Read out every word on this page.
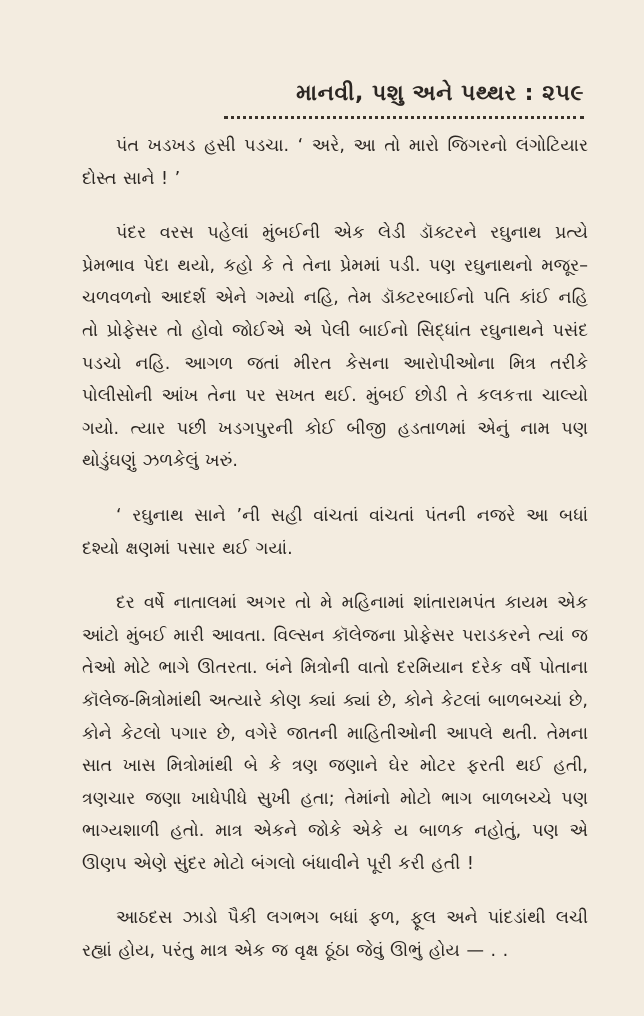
માનવી, પશુ અને પથ્થર : ૨૫૯

પંત ખડખડ હસી પડચા. ‘ અરે, આ તો મારો જિગરનો લંગોટિયાર દોસ્ત સાને ! ’

પંદર વરસ પહેલાં મુંબઈની એક લેડી ડૉક્ટરને રઘુનાથ પ્રત્યે પ્રેમભાવ પેદા થયો, કહો કે તે તેના પ્રેમમાં પડી. પણ રઘુનાથનો મજૂર–ચળવળનો આદર્શ એને ગમ્યો નહિ, તેમ ડૉક્ટરબાઈનો પતિ કાંઈ નહિ તો પ્રોફેસર તો હોવો જોઈએ એ પેલી બાઈનો સિદ્ધાંત રઘુનાથને પસંદ પડચો નહિ. આગળ જતાં મીરત કેસના આરોપીઓના મિત્ર તરીકે પોલીસોની આંખ તેના પર સખત થઈ. મુંબઈ છોડી તે કલકત્તા ચાલ્યો ગયો. ત્યાર પછી ખડગપુરની કોઈ બીજી હડતાળમાં એનું નામ પણ થોડુંઘણું ઝળકેલું ખરું.

‘ રઘુનાથ સાને ’ની સહી વાંચતાં વાંચતાં પંતની નજરે આ બધાં દશ્યો ક્ષણમાં પસાર થઈ ગયાં.

દર વર્ષે નાતાલમાં અગર તો મે મહિનામાં શાંતારામપંત કાયમ એક આંટો મુંબઈ મારી આવતા. વિલ્સન કૉલેજના પ્રોફેસર પરાડકરને ત્યાં જ તેઓ મોટે ભાગે ઊતરતા. બંને મિત્રોની વાતો દરમિયાન દરેક વર્ષે પોતાના કૉલેજ-મિત્રોમાંથી અત્યારે કોણ ક્યાં ક્યાં છે, કોને કેટલાં બાળબચ્ચાં છે, કોને કેટલો પગાર છે, વગેરે જાતની માહિતીઓની આપલે થતી. તેમના સાત ખાસ મિત્રોમાંથી બે કે ત્રણ જણાને ઘેર મોટર ફરતી થઈ હતી, ત્રણચાર જણા ખાધેપીધે સુખી હતા; તેમાંનો મોટો ભાગ બાળબચ્ચે પણ ભાગ્યશાળી હતો. માત્ર એકને જોકે એકે ય બાળક નહોતું, પણ એ ઊણપ એણે સુંદર મોટો બંગલો બંધાવીને પૂરી કરી હતી !

આઠદસ ઝાડો પૈકી લગભગ બધાં ફળ, ફૂલ અને પાંદડાંથી લચી રહ્યાં હોય, પરંતુ માત્ર એક જ વૃક્ષ ઠૂંઠા જેવું ઊભું હોય — . .
